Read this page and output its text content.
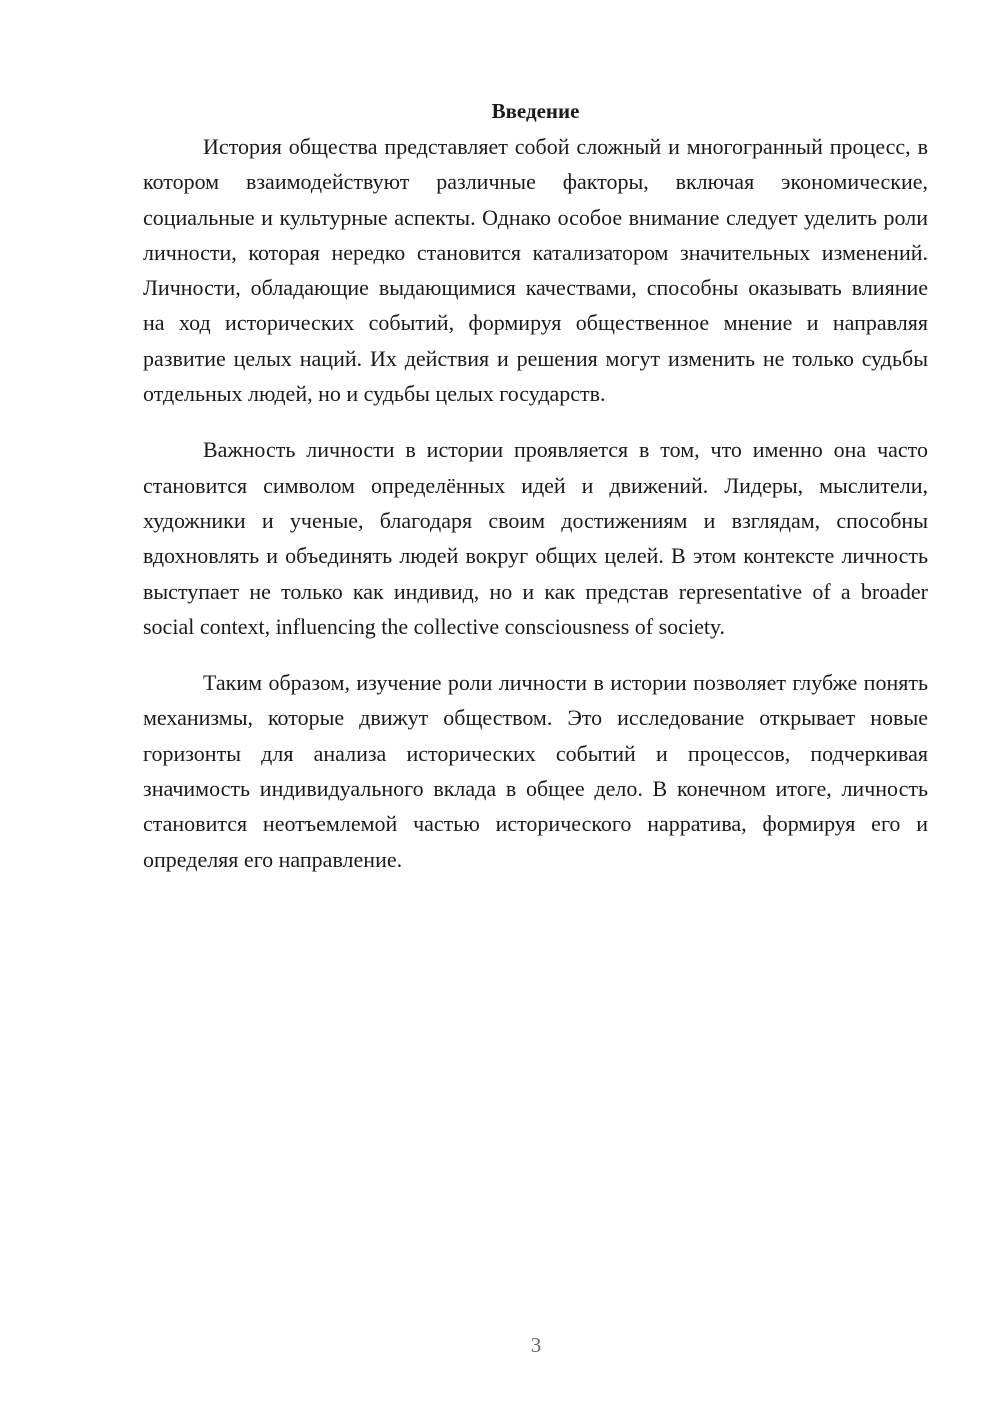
Введение

История общества представляет собой сложный и многогранный процесс, в котором взаимодействуют различные факторы, включая экономические, социальные и культурные аспекты. Однако особое внимание следует уделить роли личности, которая нередко становится катализатором значительных изменений. Личности, обладающие выдающимися качествами, способны оказывать влияние на ход исторических событий, формируя общественное мнение и направляя развитие целых наций. Их действия и решения могут изменить не только судьбы отдельных людей, но и судьбы целых государств.

Важность личности в истории проявляется в том, что именно она часто становится символом определённых идей и движений. Лидеры, мыслители, художники и ученые, благодаря своим достижениям и взглядам, способны вдохновлять и объединять людей вокруг общих целей. В этом контексте личность выступает не только как индивид, но и как представ representative of a broader social context, influencing the collective consciousness of society.

Таким образом, изучение роли личности в истории позволяет глубже понять механизмы, которые движут обществом. Это исследование открывает новые горизонты для анализа исторических событий и процессов, подчеркивая значимость индивидуального вклада в общее дело. В конечном итоге, личность становится неотъемлемой частью исторического нарратива, формируя его и определяя его направление.

3
